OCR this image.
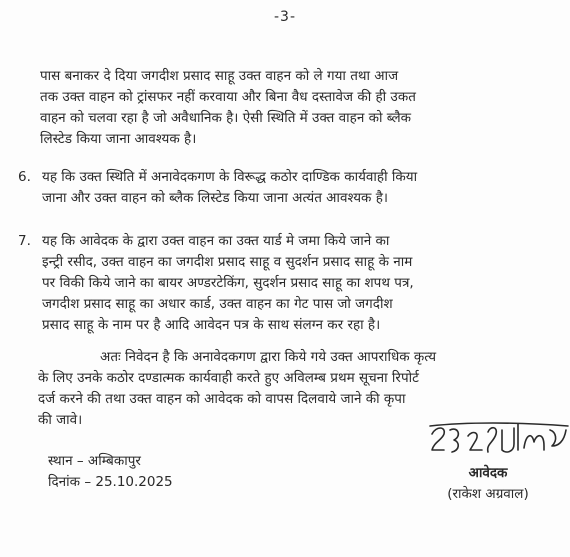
-3-
पास बनाकर दे दिया जगदीश प्रसाद साहू उक्त वाहन को ले गया तथा आज
तक उक्त वाहन को ट्रांसफर नहीं करवाया और बिना वैध दस्तावेज की ही उकत
वाहन को चलवा रहा है जो अवैधानिक है। ऐसी स्थिति में उक्त वाहन को ब्लैक
लिस्टेड किया जाना आवश्यक है।
6. यह कि उक्त स्थिति में अनावेदकगण के विरूद्ध कठोर दाण्डिक कार्यवाही किया
जाना और उक्त वाहन को ब्लैक लिस्टेड किया जाना अत्यंत आवश्यक है।
7. यह कि आवेदक के द्वारा उक्त वाहन का उक्त यार्ड मे जमा किये जाने का
इन्ट्री रसीद, उक्त वाहन का जगदीश प्रसाद साहू व सुदर्शन प्रसाद साहू के नाम
पर विकी किये जाने का बायर अण्डरटेकिंग, सुदर्शन प्रसाद साहू का शपथ पत्र,
जगदीश प्रसाद साहू का अधार कार्ड, उक्त वाहन का गेट पास जो जगदीश
प्रसाद साहू के नाम पर है आदि आवेदन पत्र के साथ संलग्न कर रहा है।
अतः निवेदन है कि अनावेदकगण द्वारा किये गये उक्त आपराधिक कृत्य
के लिए उनके कठोर दण्डात्मक कार्यवाही करते हुए अविलम्ब प्रथम सूचना रिपोर्ट
दर्ज करने की तथा उक्त वाहन को आवेदक को वापस दिलवाये जाने की कृपा
की जावे।
स्थान – अम्बिकापुर
दिनांक – 25.10.2025
आवेदक
(राकेश अग्रवाल)
